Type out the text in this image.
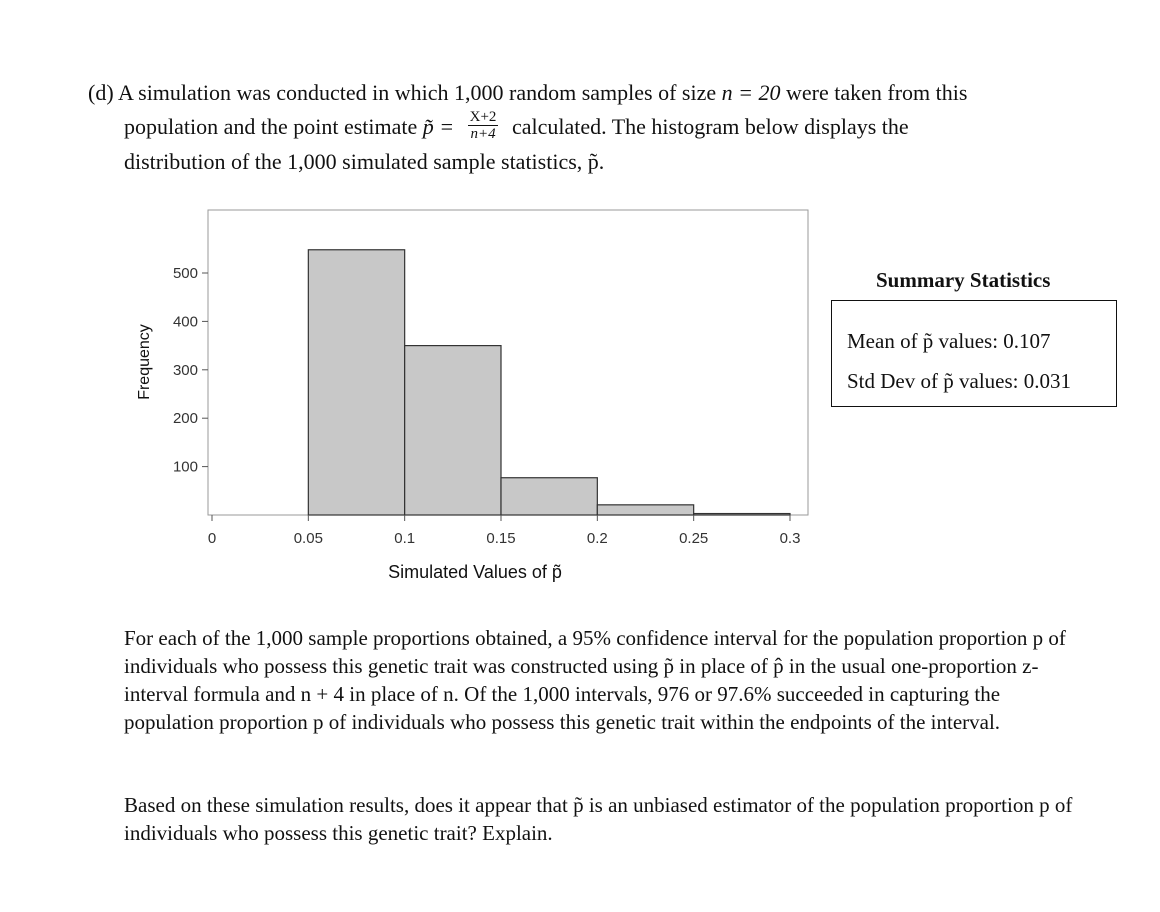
(d) A simulation was conducted in which 1,000 random samples of size n = 20 were taken from this
population and the point estimate p̃ = $\frac{X+2}{n+4}$ calculated. The histogram below displays the
distribution of the 1,000 simulated sample statistics, p̃.
100
200
300
400
500
0	0.05	0.1	0.15	0.2	0.25	0.3
Frequency
Simulated Values of p̃
Summary Statistics
Mean of p̃ values: 0.107
Std Dev of p̃ values: 0.031
For each of the 1,000 sample proportions obtained, a 95% confidence interval for the population proportion p of individuals who possess this genetic trait was constructed using p̃ in place of p̂ in the usual one-proportion z-interval formula and n + 4 in place of n. Of the 1,000 intervals, 976 or 97.6% succeeded in capturing the population proportion p of individuals who possess this genetic trait within the endpoints of the interval.
Based on these simulation results, does it appear that p̃ is an unbiased estimator of the population proportion p of individuals who possess this genetic trait? Explain.
